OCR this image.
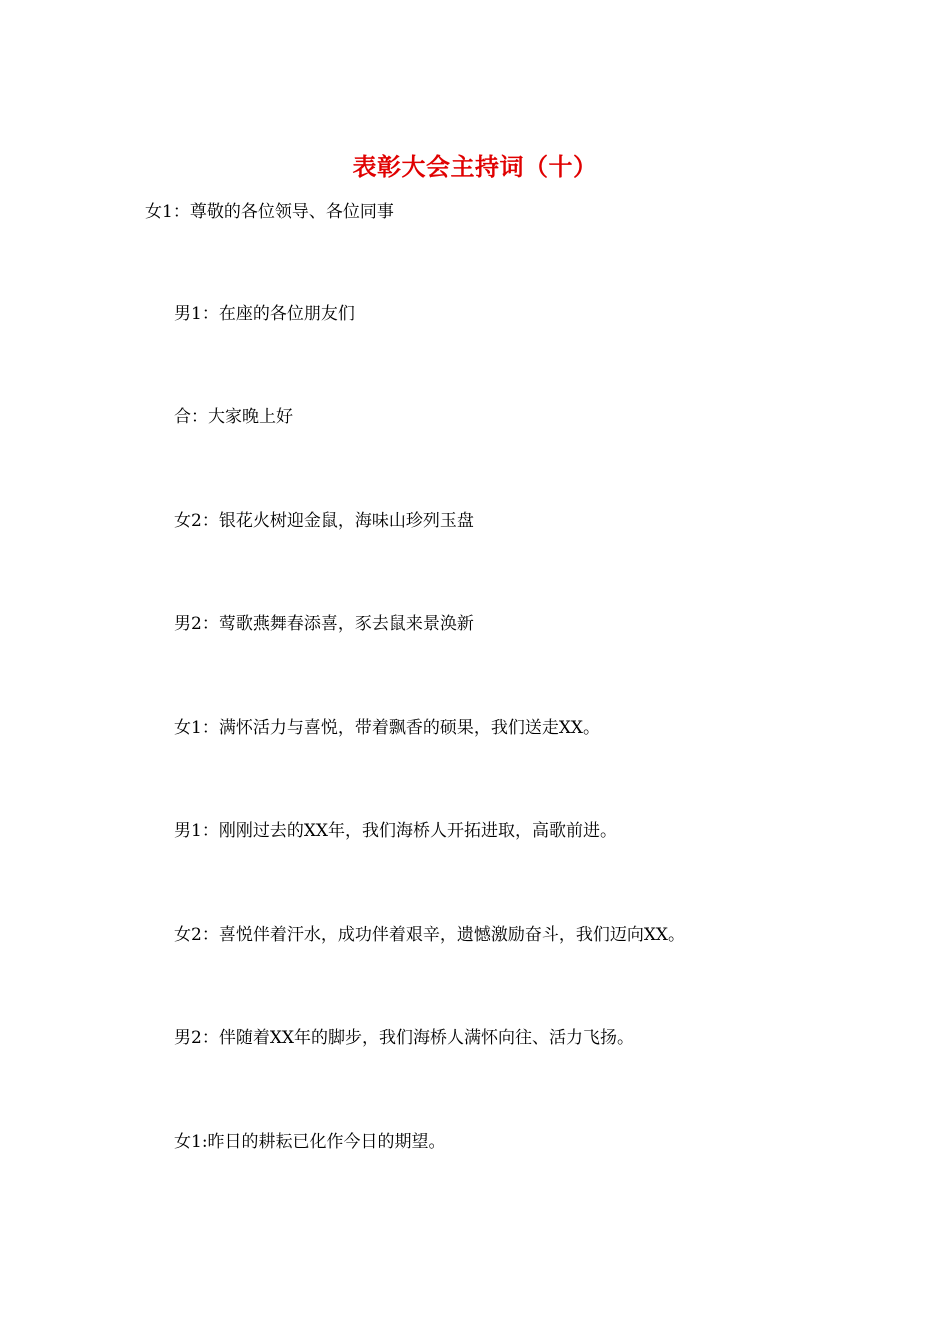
表彰大会主持词（十）
女1：尊敬的各位领导、各位同事
男1：在座的各位朋友们
合：大家晚上好
女2：银花火树迎金鼠，海味山珍列玉盘
男2：莺歌燕舞春添喜，豕去鼠来景涣新
女1：满怀活力与喜悦，带着飘香的硕果，我们送走XX。
男1：刚刚过去的XX年，我们海桥人开拓进取，高歌前进。
女2：喜悦伴着汗水，成功伴着艰辛，遗憾激励奋斗，我们迈向XX。
男2：伴随着XX年的脚步，我们海桥人满怀向往、活力飞扬。
女1:昨日的耕耘已化作今日的期望。
